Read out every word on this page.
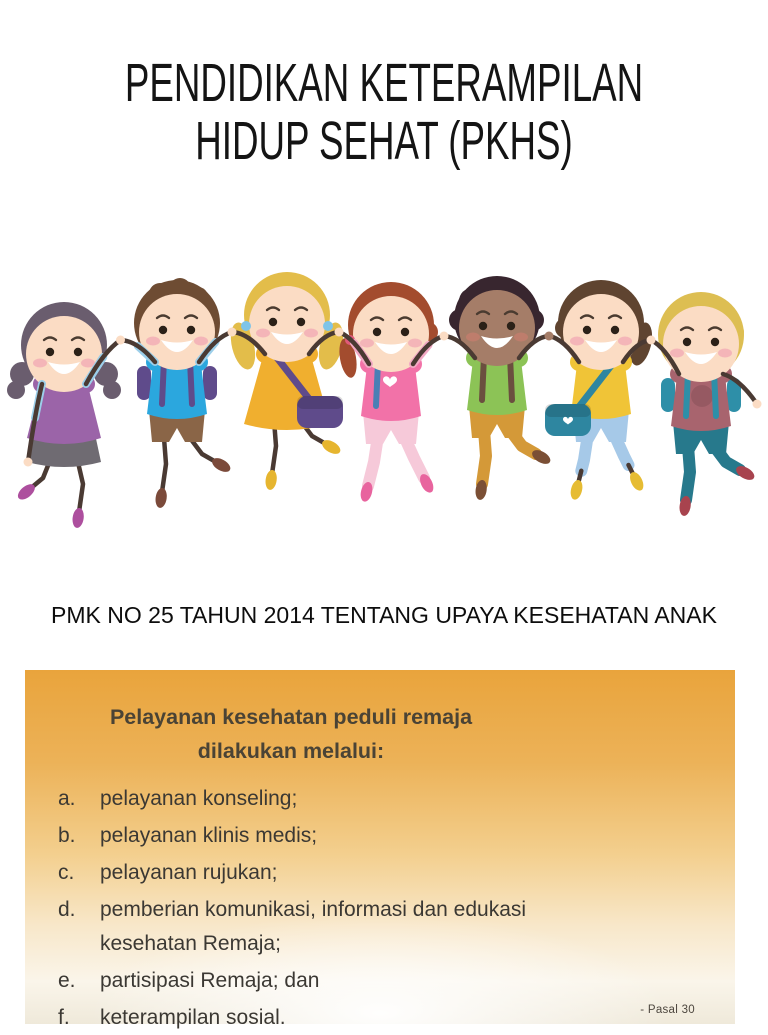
PENDIDIKAN KETERAMPILAN
HIDUP SEHAT (PKHS)
PMK NO 25 TAHUN 2014 TENTANG UPAYA KESEHATAN ANAK
Pelayanan kesehatan peduli remaja
dilakukan melalui:
a. pelayanan konseling;
b. pelayanan klinis medis;
c. pelayanan rujukan;
d. pemberian komunikasi, informasi dan edukasi kesehatan Remaja;
e. partisipasi Remaja; dan
f. keterampilan sosial.	- Pasal 30
